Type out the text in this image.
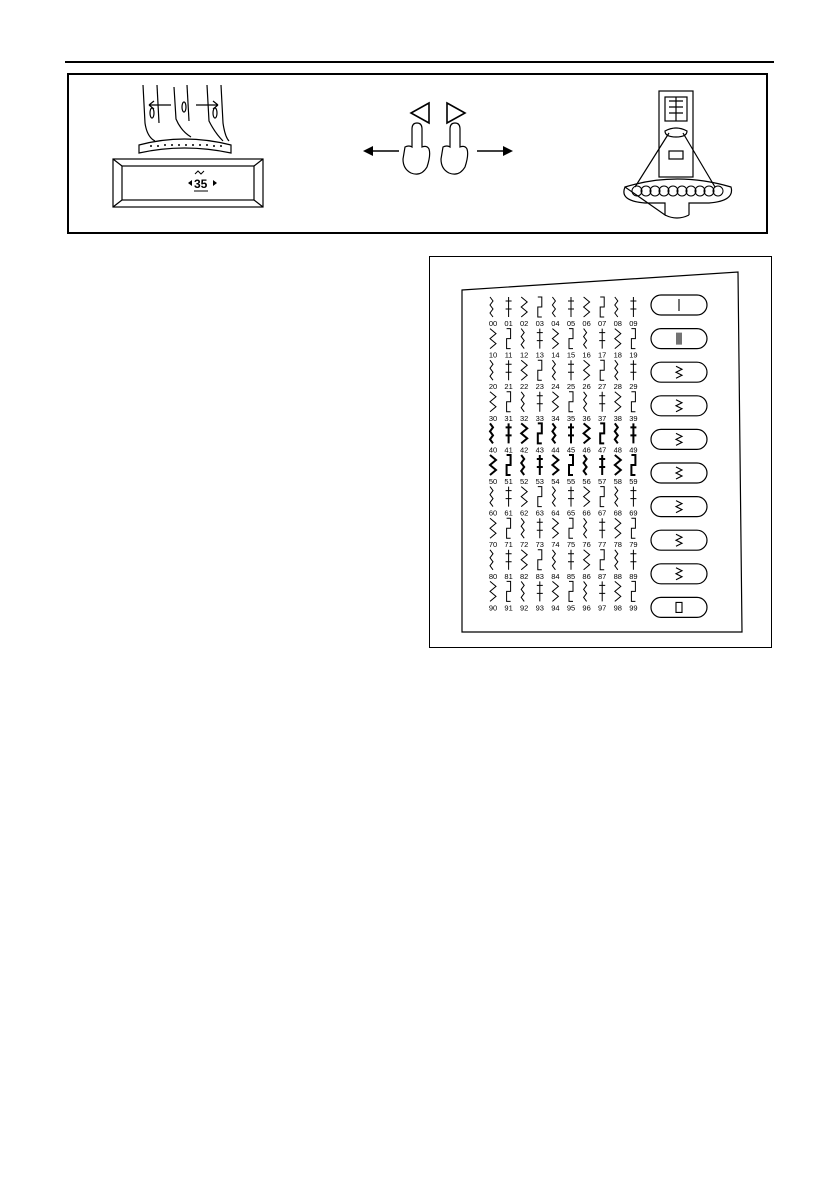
35
00 01 02 03 04 05 06 07 08 09
10 11 12 13 14 15 16 17 18 19
20 21 22 23 24 25 26 27 28 29
30 31 32 33 34 35 36 37 38 39
40 41 42 43 44 45 46 47 48 49
50 51 52 53 54 55 56 57 58 59
60 61 62 63 64 65 66 67 68 69
70 71 72 73 74 75 76 77 78 79
80 81 82 83 84 85 86 87 88 89
90 91 92 93 94 95 96 97 98 99
